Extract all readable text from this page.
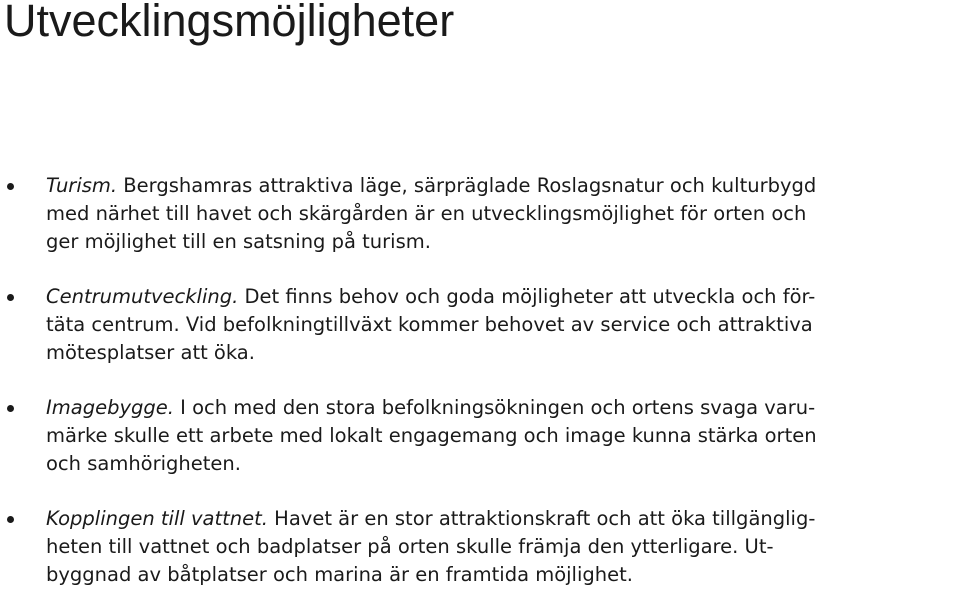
Utvecklingsmöjligheter
Turism. Bergshamras attraktiva läge, särpräglade Roslagsnatur och kulturbygd
med närhet till havet och skärgården är en utvecklingsmöjlighet för orten och
ger möjlighet till en satsning på turism.
Centrumutveckling. Det finns behov och goda möjligheter att utveckla och för-
täta centrum. Vid befolkningtillväxt kommer behovet av service och attraktiva
mötesplatser att öka.
Imagebygge. I och med den stora befolkningsökningen och ortens svaga varu-
märke skulle ett arbete med lokalt engagemang och image kunna stärka orten
och samhörigheten.
Kopplingen till vattnet. Havet är en stor attraktionskraft och att öka tillgänglig-
heten till vattnet och badplatser på orten skulle främja den ytterligare. Ut-
byggnad av båtplatser och marina är en framtida möjlighet.
